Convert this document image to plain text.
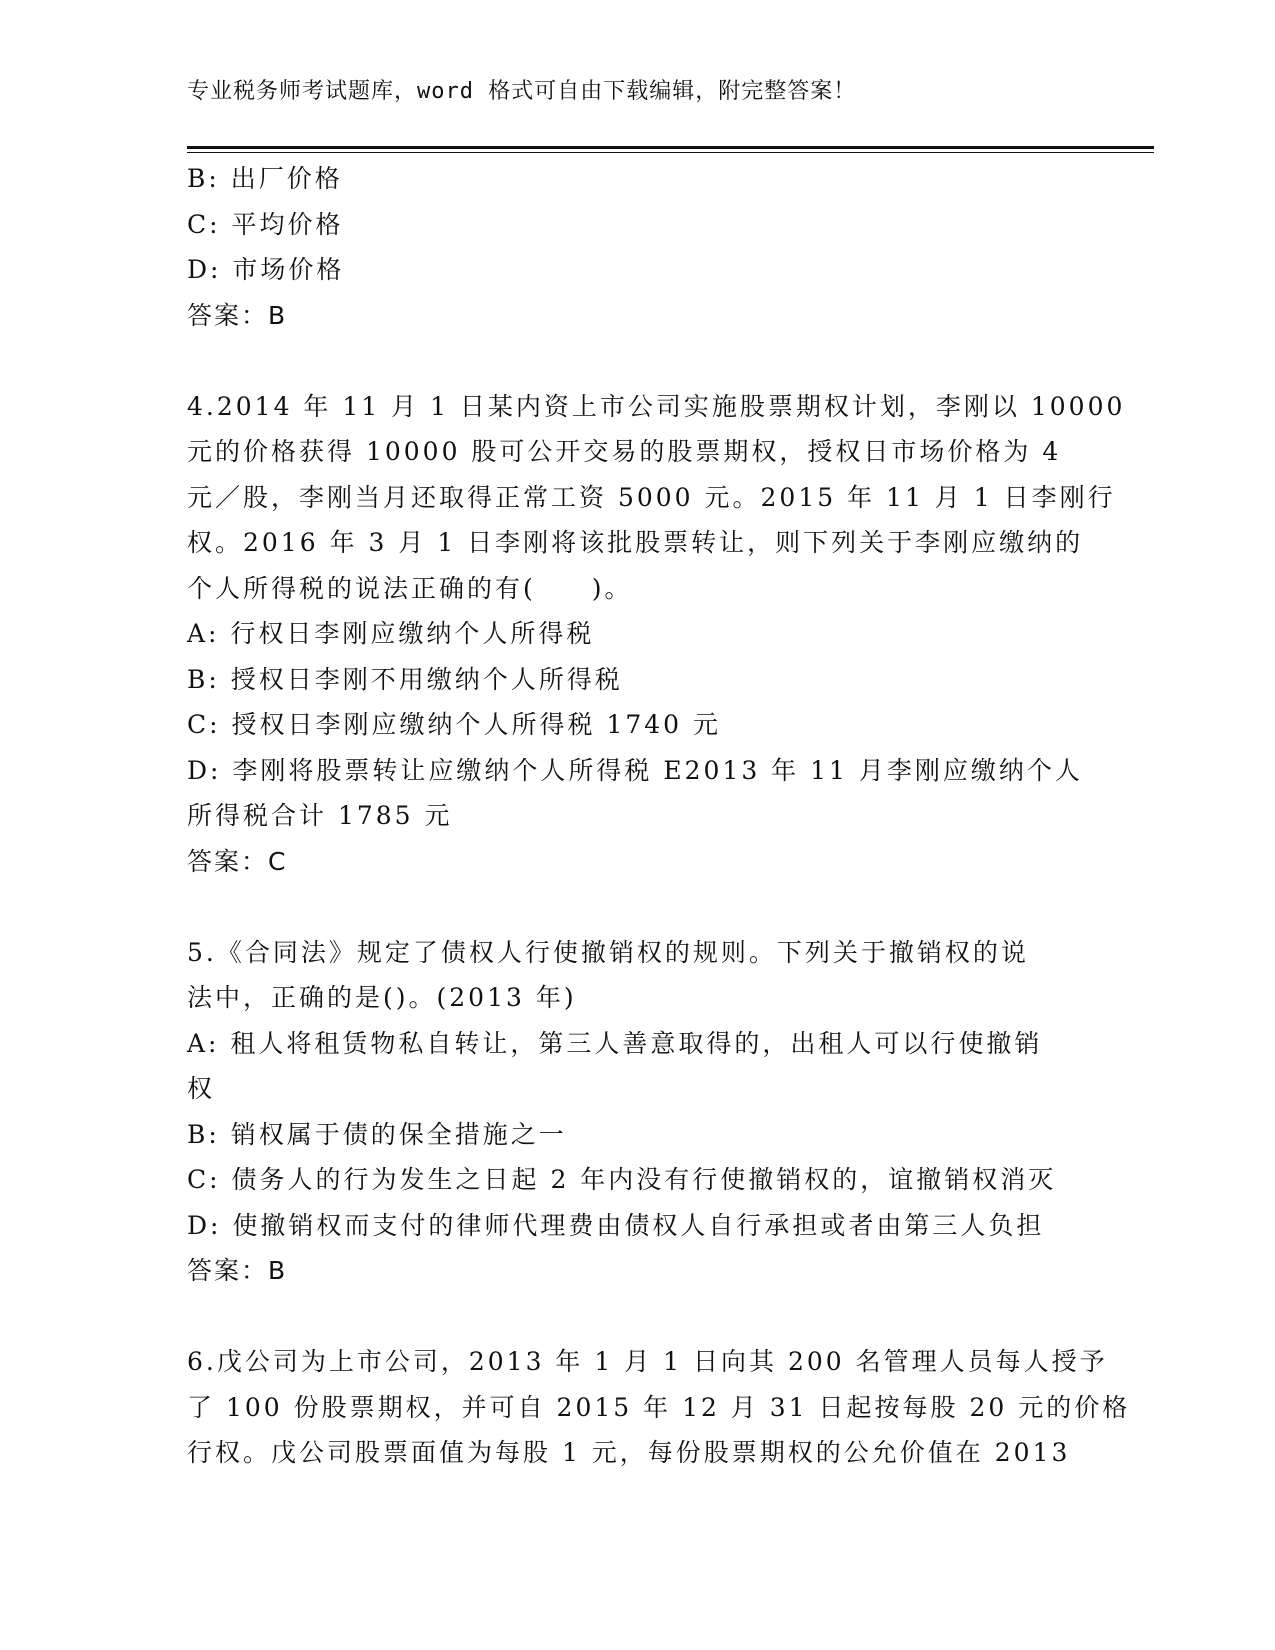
专业税务师考试题库，word 格式可自由下载编辑，附完整答案！
B: 出厂价格
C: 平均价格
D: 市场价格
答案：B
4.2014 年 11 月 1 日某内资上市公司实施股票期权计划，李刚以 10000
元的价格获得 10000 股可公开交易的股票期权，授权日市场价格为 4
元／股，李刚当月还取得正常工资 5000 元。2015 年 11 月 1 日李刚行
权。2016 年 3 月 1 日李刚将该批股票转让，则下列关于李刚应缴纳的
个人所得税的说法正确的有(　　)。
A: 行权日李刚应缴纳个人所得税
B: 授权日李刚不用缴纳个人所得税
C: 授权日李刚应缴纳个人所得税 1740 元
D: 李刚将股票转让应缴纳个人所得税 E2013 年 11 月李刚应缴纳个人
所得税合计 1785 元
答案：C
5.《合同法》规定了债权人行使撤销权的规则。下列关于撤销权的说
法中，正确的是()。(2013 年)
A: 租人将租赁物私自转让，第三人善意取得的，出租人可以行使撤销
权
B: 销权属于债的保全措施之一
C: 债务人的行为发生之日起 2 年内没有行使撤销权的，谊撤销权消灭
D: 使撤销权而支付的律师代理费由债权人自行承担或者由第三人负担
答案：B
6.戊公司为上市公司，2013 年 1 月 1 日向其 200 名管理人员每人授予
了 100 份股票期权，并可自 2015 年 12 月 31 日起按每股 20 元的价格
行权。戊公司股票面值为每股 1 元，每份股票期权的公允价值在 2013
